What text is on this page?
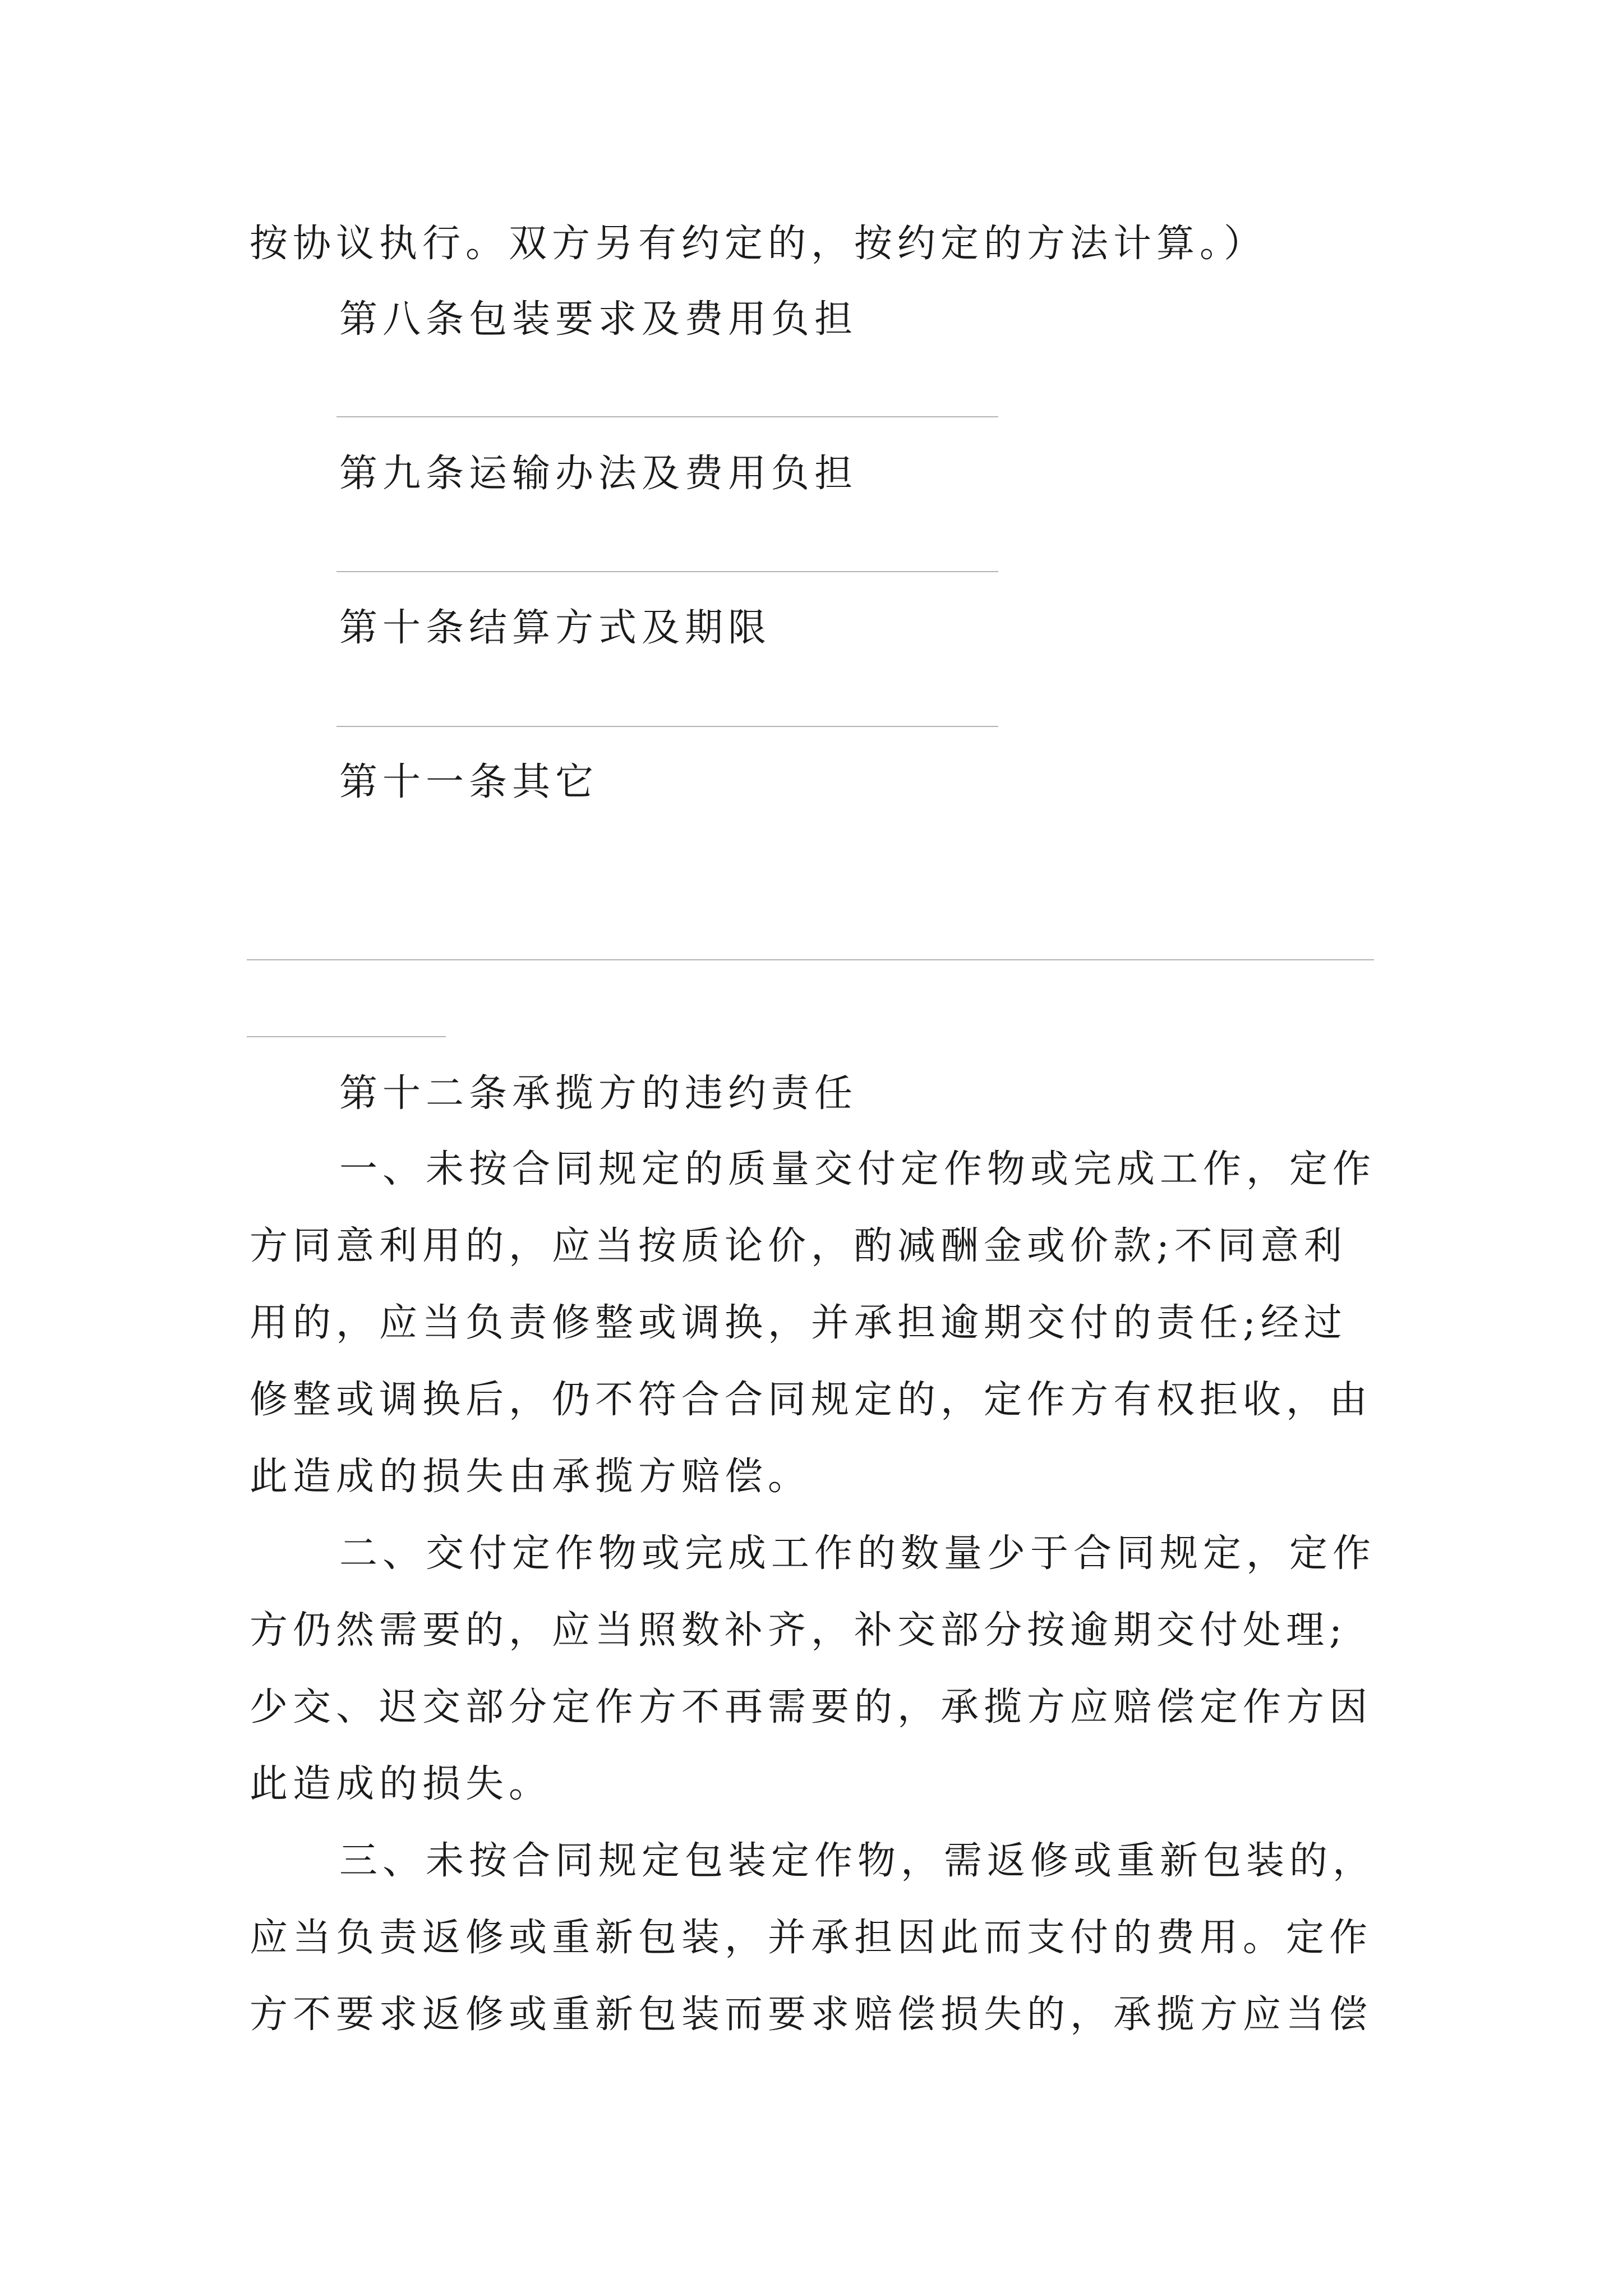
按协议执行。双方另有约定的，按约定的方法计算。）
第八条包装要求及费用负担
第九条运输办法及费用负担
第十条结算方式及期限
第十一条其它
第十二条承揽方的违约责任
一、未按合同规定的质量交付定作物或完成工作，定作
方同意利用的，应当按质论价，酌减酬金或价款;不同意利
用的，应当负责修整或调换，并承担逾期交付的责任;经过
修整或调换后，仍不符合合同规定的，定作方有权拒收，由
此造成的损失由承揽方赔偿。
二、交付定作物或完成工作的数量少于合同规定，定作
方仍然需要的，应当照数补齐，补交部分按逾期交付处理;
少交、迟交部分定作方不再需要的，承揽方应赔偿定作方因
此造成的损失。
三、未按合同规定包装定作物，需返修或重新包装的，
应当负责返修或重新包装，并承担因此而支付的费用。定作
方不要求返修或重新包装而要求赔偿损失的，承揽方应当偿
